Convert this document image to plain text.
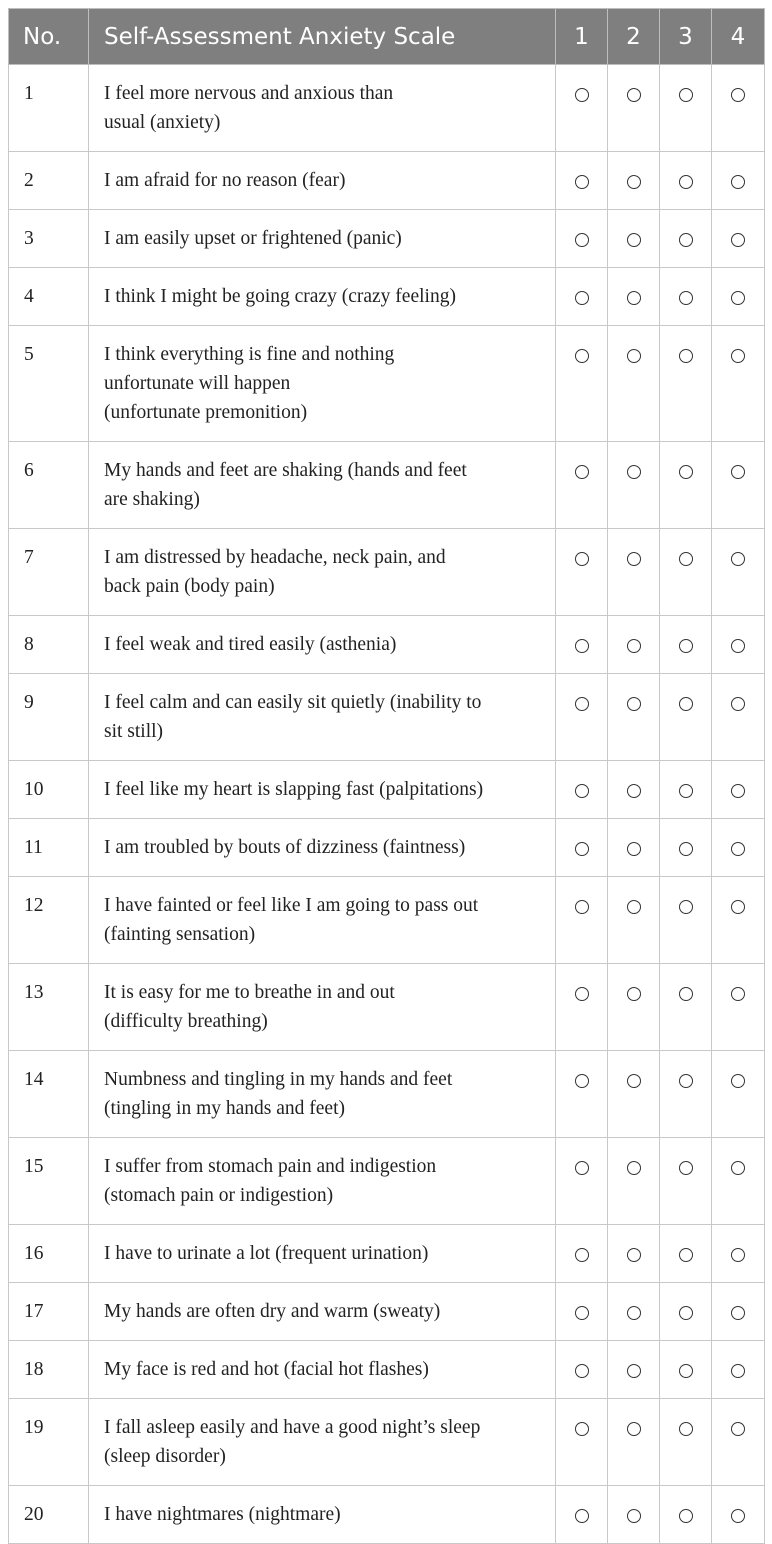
No.	Self-Assessment Anxiety Scale	1	2	3	4
1	I feel more nervous and anxious than
usual (anxiety)				
2	I am afraid for no reason (fear)				
3	I am easily upset or frightened (panic)				
4	I think I might be going crazy (crazy feeling)				
5	I think everything is fine and nothing
unfortunate will happen
(unfortunate premonition)				
6	My hands and feet are shaking (hands and feet
are shaking)				
7	I am distressed by headache, neck pain, and
back pain (body pain)				
8	I feel weak and tired easily (asthenia)				
9	I feel calm and can easily sit quietly (inability to
sit still)				
10	I feel like my heart is slapping fast (palpitations)				
11	I am troubled by bouts of dizziness (faintness)				
12	I have fainted or feel like I am going to pass out
(fainting sensation)				
13	It is easy for me to breathe in and out
(difficulty breathing)				
14	Numbness and tingling in my hands and feet
(tingling in my hands and feet)				
15	I suffer from stomach pain and indigestion
(stomach pain or indigestion)				
16	I have to urinate a lot (frequent urination)				
17	My hands are often dry and warm (sweaty)				
18	My face is red and hot (facial hot flashes)				
19	I fall asleep easily and have a good night’s sleep
(sleep disorder)				
20	I have nightmares (nightmare)				
